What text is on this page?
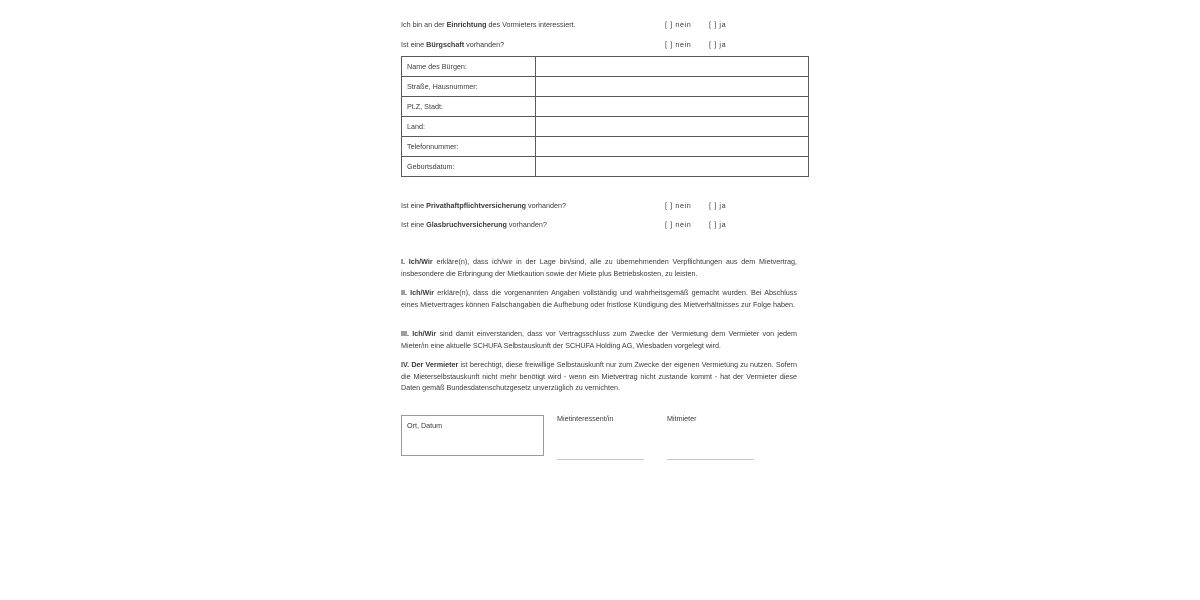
Ich bin an der Einrichtung des Vormieters interessiert.	[ ] nein [ ] ja
Ist eine Bürgschaft vorhanden?	[ ] nein [ ] ja
Name des Bürgen:	
Straße, Hausnummer:	
PLZ, Stadt:	
Land:	
Telefonnummer:	
Geburtsdatum:	
Ist eine Privathaftpflichtversicherung vorhanden?	[ ] nein [ ] ja
Ist eine Glasbruchversicherung vorhanden?	[ ] nein [ ] ja
I. Ich/Wir erkläre(n), dass ich/wir in der Lage bin/sind, alle zu übernehmenden Verpflichtungen aus dem Mietvertrag, insbesondere die Erbringung der Mietkaution sowie der Miete plus Betriebskosten, zu leisten.
II. Ich/Wir erkläre(n), dass die vorgenannten Angaben vollständig und wahrheitsgemäß gemacht wurden. Bei Abschluss eines Mietvertrages können Falschangaben die Aufhebung oder fristlose Kündigung des Mietverhältnisses zur Folge haben.
III. Ich/Wir sind damit einverstanden, dass vor Vertragsschluss zum Zwecke der Vermietung dem Vermieter von jedem Mieter/in eine aktuelle SCHUFA Selbstauskunft der SCHUFA Holding AG, Wiesbaden vorgelegt wird.
IV. Der Vermieter ist berechtigt, diese freiwillige Selbstauskunft nur zum Zwecke der eigenen Vermietung zu nutzen. Sofern die Mieterselbstauskunft nicht mehr benötigt wird - wenn ein Mietvertrag nicht zustande kommt - hat der Vermieter diese Daten gemäß Bundesdatenschutzgesetz unverzüglich zu vernichten.
Ort, Datum
Mietinteressent/in	Mitmieter
